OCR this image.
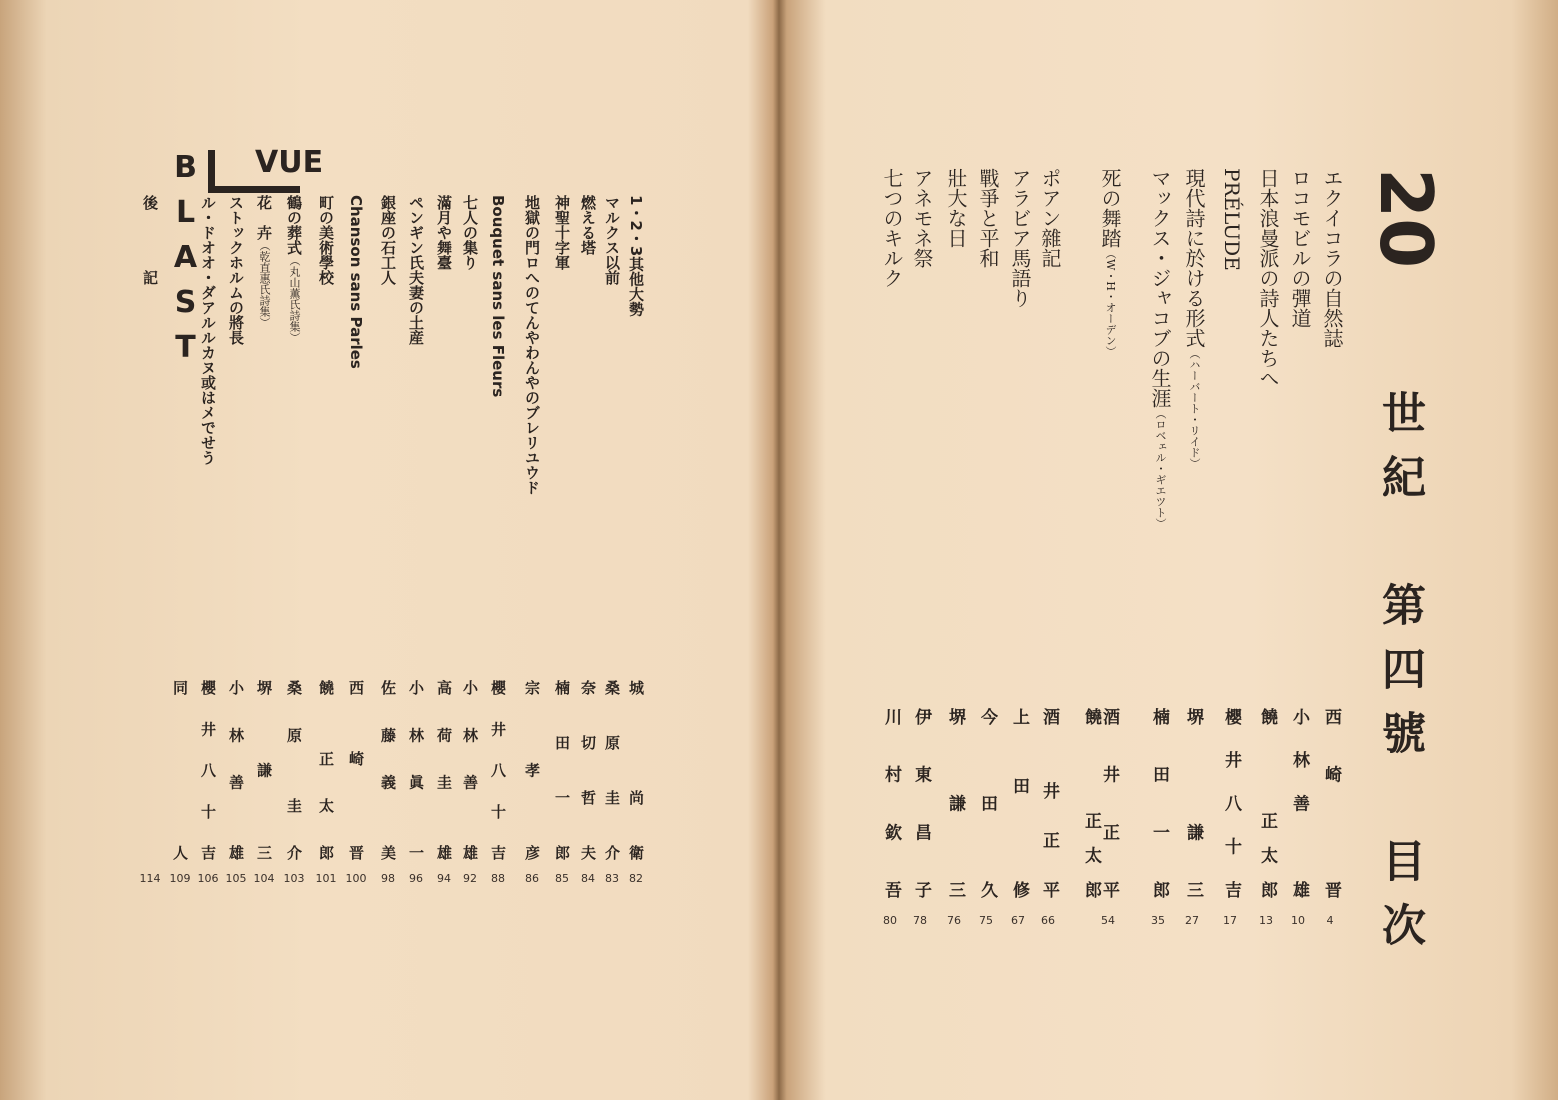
20
世紀　第四號　目次
エクイコラの自然誌
西　崎　　　晋
4
ロコモビルの彈道
小林善　雄
10
日本浪曼派の詩人たちへ
饒　　正太郎
13
PRÉLUDE
櫻井八十吉
17
現代詩に於ける形式（ハーバート・リイド）
堺　　　謙　三
27
マックス・ジャコブの生涯（ロベェル・ギエツト）
楠　田　一　郎
35
死の舞踏（W・H・オーデン）
酒　井　正　平
54
饒　　正太郎
ポアン雜記
酒　　井　正　平
66
アラビア馬語り
上　田　　修
67
戰爭と平和
今　　田　　久
75
壯大な日
堺　　謙　　三
76
アネモネ祭
伊　東　昌　子
78
七つのキルク
川　村　欽　吾
80
VUE
BLAST	1・2・3其他大勢
城　　　尚　衛
82
マルクス以前
桑　原　圭　介
83
燃える塔
奈　切　哲　夫
84
神聖十字軍
楠　田　一　郎
85
地獄の門ロへのてんやわんやのブレリユウド
宗　　孝　　彦
86
Bouquet sans les Fleurs
櫻　井　八　十　吉
88
七人の集り
小　林　善　　雄
92
滿月や舞臺
高　荷　圭　　雄
94
ペンギン氏夫妻の土産
小　林　眞　　一
96
銀座の石工人
佐　藤　義　　美
98
Chanson sans Parles
西　　崎　　　晋
100
町の美術學校
饒　　正　太　郎
101
鶴の葬式（丸山薫氏詩集）
桑　原　　圭　介
103
花　卉（乾直惠氏詩集）
堺　　謙　　三
104
ストックホルムの將長
小　林　善　　雄
105
ル・ドオオ・ダアルルカヌ或はメでせう
櫻　井　八　十　吉
106
同　　　　　　　人
109
後　　　　記
114
